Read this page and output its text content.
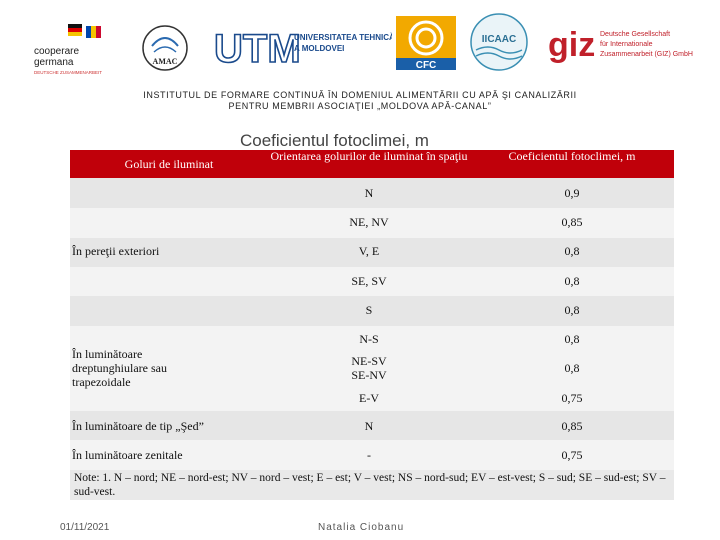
cooperare
germana
DEUTSCHE ZUSAMMENARBEIT
AMAC UTM
UNIVERSITATEA TEHNICĂ
A MOLDOVEI
CFC
IICAAC giz Deutsche Gesellschaft
für Internationale
Zusammenarbeit (GIZ) GmbH
INSTITUTUL DE FORMARE CONTINUĂ ÎN DOMENIUL ALIMENTĂRII CU APĂ ŞI CANALIZĂRII
PENTRU MEMBRII ASOCIAŢIEI „MOLDOVA APĂ-CANAL”
Coeficientul fotoclimei, m
Goluri de iluminat
Orientarea golurilor de iluminat în spaţiu	Coeficientul fotoclimei, m
În pereţii exteriori
În luminătoare dreptunghiulare sau trapezoidale
În luminătoare de tip „Şed”
În luminătoare zenitale
N
NE, NV
V, E
SE, SV
S
N-S
NE-SV
SE-NV
E-V
N
-
0,9
0,85
0,8
0,8
0,8
0,8
0,8
0,75
0,85
0,75
Note: 1. N – nord; NE – nord-est; NV – nord – vest; E – est; V – vest; NS – nord-sud; EV – est-vest; S – sud; SE – sud-est; SV – sud-vest.
01/11/2021	Natalia Ciobanu
